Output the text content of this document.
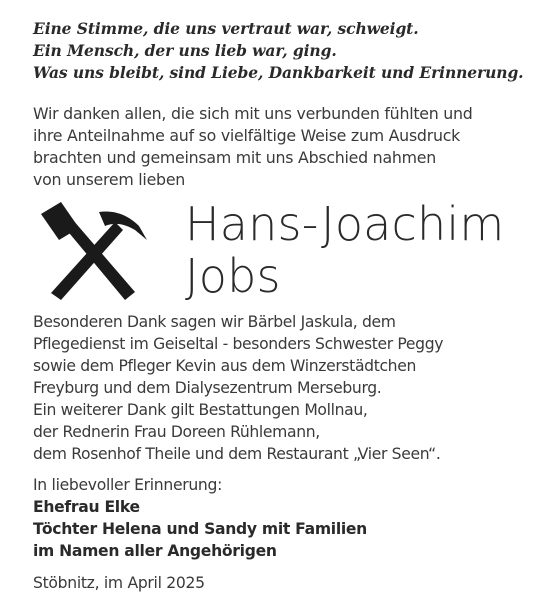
Eine Stimme, die uns vertraut war, schweigt.
Ein Mensch, der uns lieb war, ging.
Was uns bleibt, sind Liebe, Dankbarkeit und Erinnerung.
Wir danken allen, die sich mit uns verbunden fühlten und
ihre Anteilnahme auf so vielfältige Weise zum Ausdruck
brachten und gemeinsam mit uns Abschied nahmen
von unserem lieben
Hans-Joachim
Jobs
Besonderen Dank sagen wir Bärbel Jaskula, dem
Pflegedienst im Geiseltal - besonders Schwester Peggy
sowie dem Pfleger Kevin aus dem Winzerstädtchen
Freyburg und dem Dialysezentrum Merseburg.
Ein weiterer Dank gilt Bestattungen Mollnau,
der Rednerin Frau Doreen Rühlemann,
dem Rosenhof Theile und dem Restaurant „Vier Seen“.
In liebevoller Erinnerung:
Ehefrau Elke
Töchter Helena und Sandy mit Familien
im Namen aller Angehörigen
Stöbnitz, im April 2025
